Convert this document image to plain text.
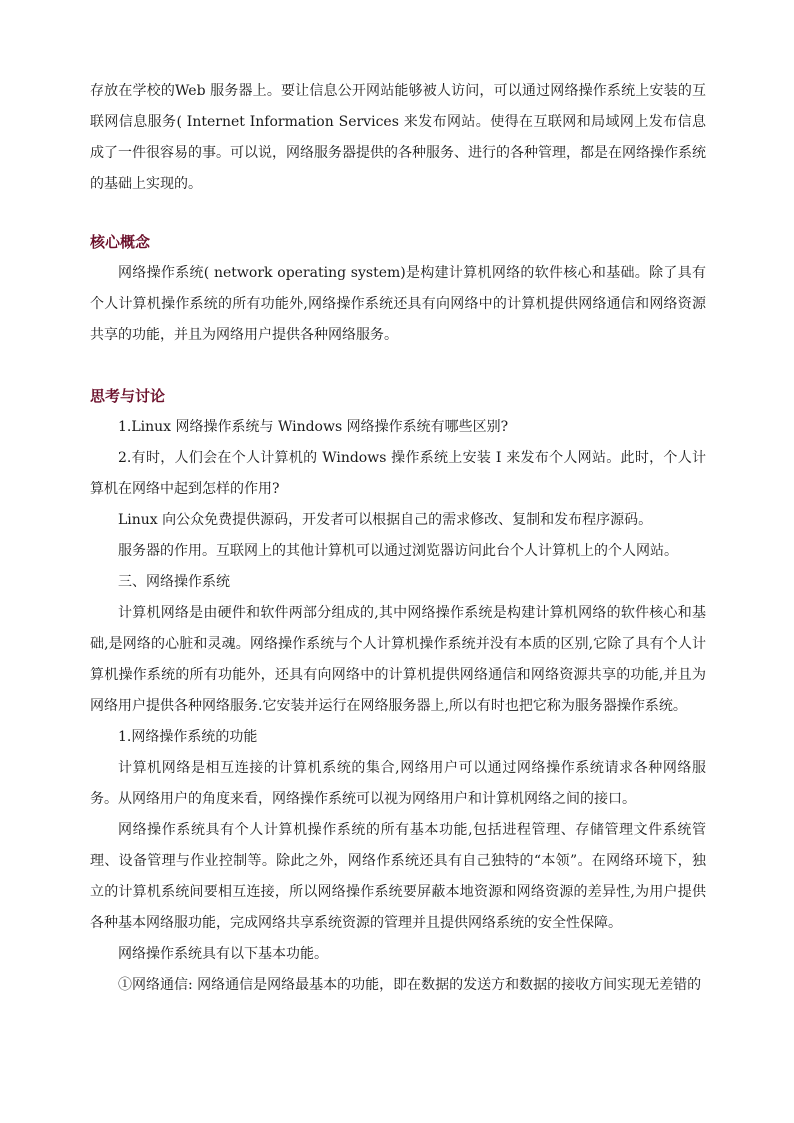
存放在学校的Web 服务器上。要让信息公开网站能够被人访问，可以通过网络操作系统上安装的互联网信息服务( Internet Information Services 来发布网站。使得在互联网和局域网上发布信息成了一件很容易的事。可以说，网络服务器提供的各种服务、进行的各种管理，都是在网络操作系统的基础上实现的。

核心概念

网络操作系统( network operating system)是构建计算机网络的软件核心和基础。除了具有个人计算机操作系统的所有功能外,网络操作系统还具有向网络中的计算机提供网络通信和网络资源共享的功能，并且为网络用户提供各种网络服务。

思考与讨论

1.Linux 网络操作系统与 Windows 网络操作系统有哪些区别?

2.有时，人们会在个人计算机的 Windows 操作系统上安装 I 来发布个人网站。此时，个人计算机在网络中起到怎样的作用?

Linux 向公众免费提供源码，开发者可以根据自己的需求修改、复制和发布程序源码。

服务器的作用。互联网上的其他计算机可以通过浏览器访问此台个人计算机上的个人网站。

三、网络操作系统

计算机网络是由硬件和软件两部分组成的,其中网络操作系统是构建计算机网络的软件核心和基础,是网络的心脏和灵魂。网络操作系统与个人计算机操作系统并没有本质的区别,它除了具有个人计算机操作系统的所有功能外，还具有向网络中的计算机提供网络通信和网络资源共享的功能,并且为网络用户提供各种网络服务.它安装并运行在网络服务器上,所以有时也把它称为服务器操作系统。

1.网络操作系统的功能

计算机网络是相互连接的计算机系统的集合,网络用户可以通过网络操作系统请求各种网络服务。从网络用户的角度来看，网络操作系统可以视为网络用户和计算机网络之间的接口。

网络操作系统具有个人计算机操作系统的所有基本功能,包括进程管理、存储管理文件系统管理、设备管理与作业控制等。除此之外，网络作系统还具有自己独特的“本领”。在网络环境下，独立的计算机系统间要相互连接，所以网络操作系统要屏蔽本地资源和网络资源的差异性,为用户提供各种基本网络服功能，完成网络共享系统资源的管理并且提供网络系统的安全性保障。

网络操作系统具有以下基本功能。

①网络通信: 网络通信是网络最基本的功能，即在数据的发送方和数据的接收方间实现无差错的
